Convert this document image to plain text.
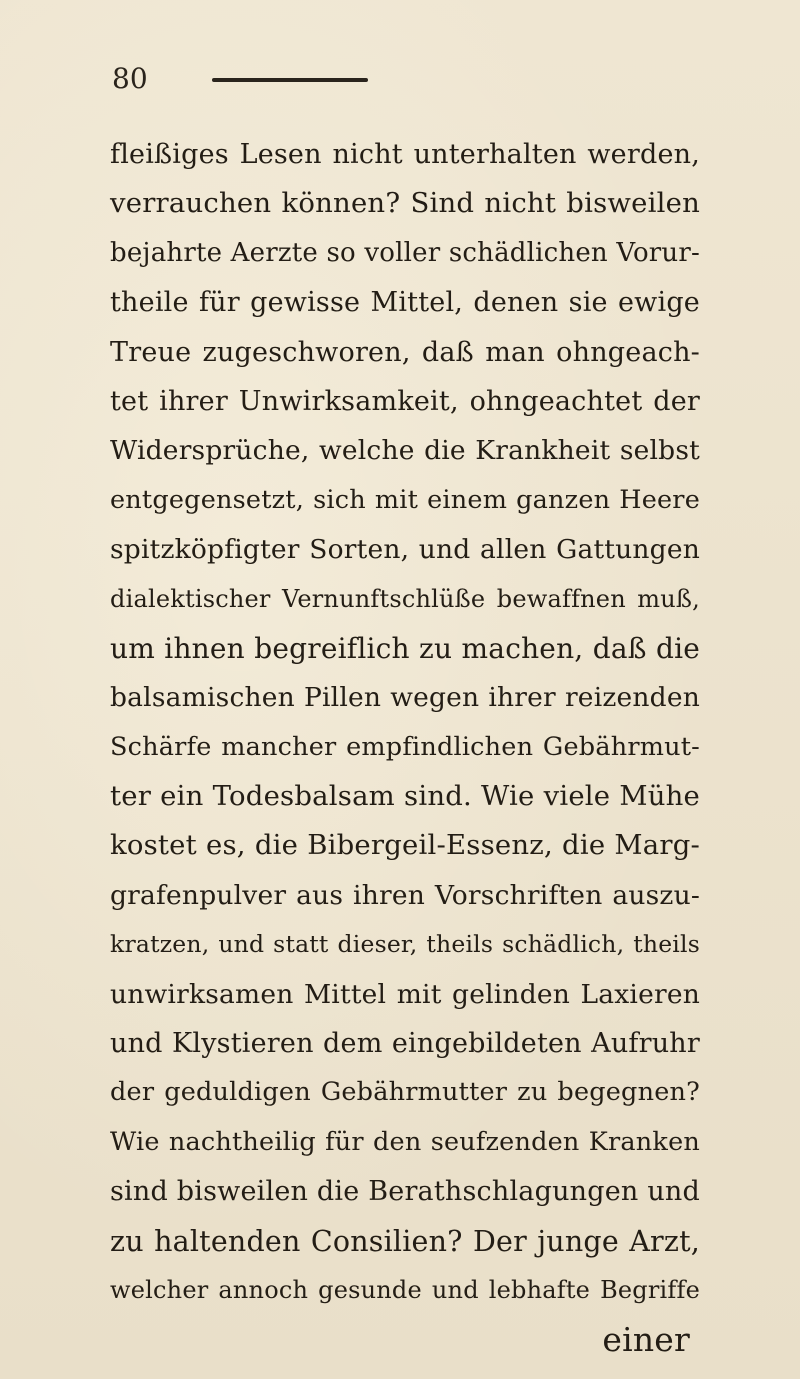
80
fleißiges Lesen nicht unterhalten werden,
verrauchen können? Sind nicht bisweilen
bejahrte Aerzte so voller schädlichen Vorur-
theile für gewisse Mittel, denen sie ewige
Treue zugeschworen, daß man ohngeach-
tet ihrer Unwirksamkeit, ohngeachtet der
Widersprüche, welche die Krankheit selbst
entgegensetzt, sich mit einem ganzen Heere
spitzköpfigter Sorten, und allen Gattungen
dialektischer Vernunftschlüße bewaffnen muß,
um ihnen begreiflich zu machen, daß die
balsamischen Pillen wegen ihrer reizenden
Schärfe mancher empfindlichen Gebährmut-
ter ein Todesbalsam sind. Wie viele Mühe
kostet es, die Bibergeil-Essenz, die Marg-
grafenpulver aus ihren Vorschriften auszu-
kratzen, und statt dieser, theils schädlich, theils
unwirksamen Mittel mit gelinden Laxieren
und Klystieren dem eingebildeten Aufruhr
der geduldigen Gebährmutter zu begegnen?
Wie nachtheilig für den seufzenden Kranken
sind bisweilen die Berathschlagungen und
zu haltenden Consilien? Der junge Arzt,
welcher annoch gesunde und lebhafte Begriffe
einer
